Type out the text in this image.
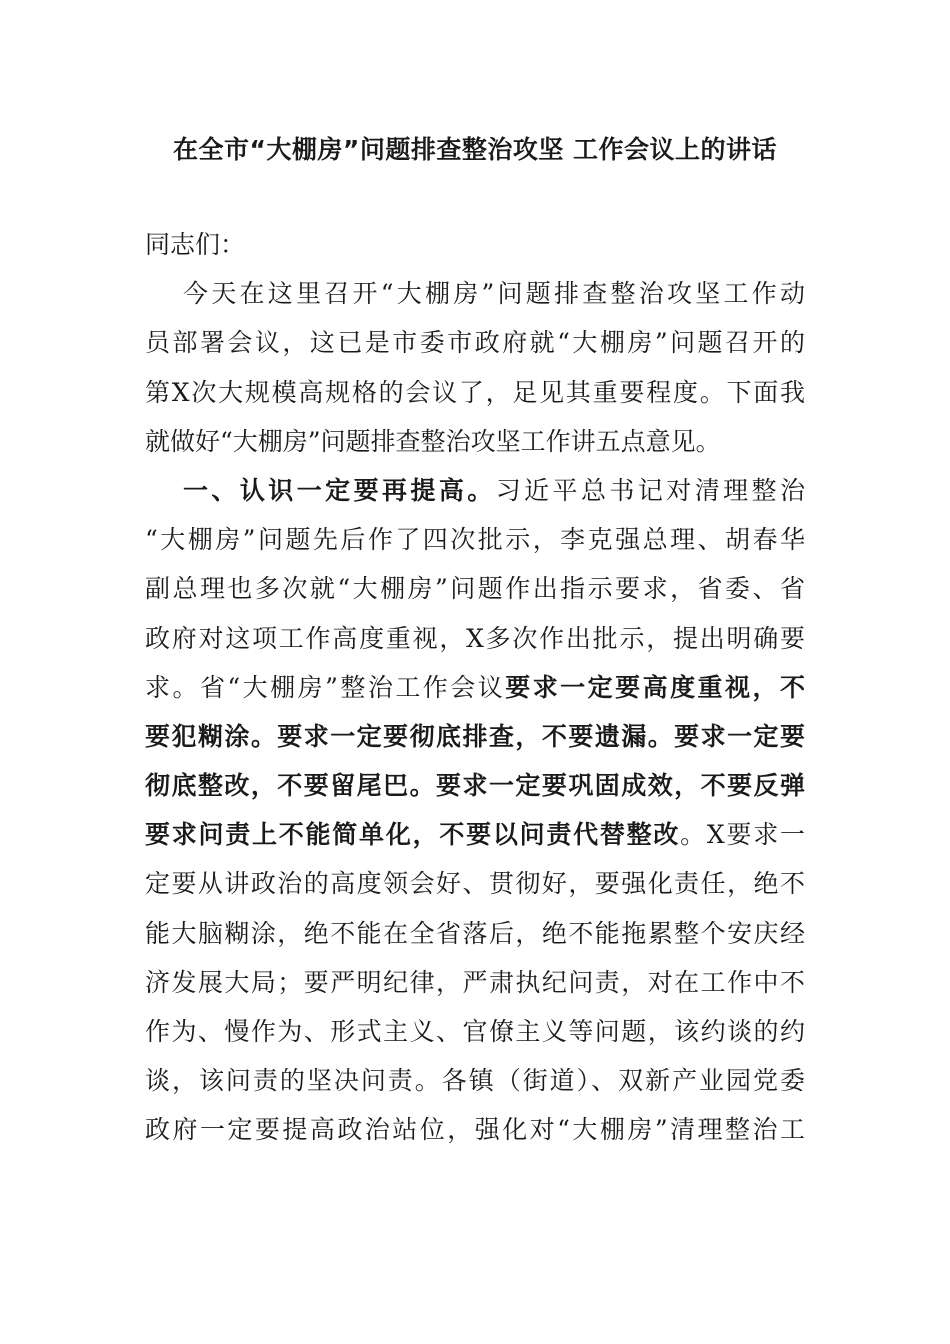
在全市“大棚房”问题排查整治攻坚 工作会议上的讲话
同志们：
今天在这里召开“大棚房”问题排查整治攻坚工作动
员部署会议，这已是市委市政府就“大棚房”问题召开的
第X次大规模高规格的会议了，足见其重要程度。下面我
就做好“大棚房”问题排查整治攻坚工作讲五点意见。
一、认识一定要再提高。习近平总书记对清理整治
“大棚房”问题先后作了四次批示，李克强总理、胡春华
副总理也多次就“大棚房”问题作出指示要求，省委、省
政府对这项工作高度重视，X多次作出批示，提出明确要
求。省“大棚房”整治工作会议要求一定要高度重视，不
要犯糊涂。要求一定要彻底排查，不要遗漏。要求一定要
彻底整改，不要留尾巴。要求一定要巩固成效，不要反弹
要求问责上不能简单化，不要以问责代替整改。X要求一
定要从讲政治的高度领会好、贯彻好，要强化责任，绝不
能大脑糊涂，绝不能在全省落后，绝不能拖累整个安庆经
济发展大局；要严明纪律，严肃执纪问责，对在工作中不
作为、慢作为、形式主义、官僚主义等问题，该约谈的约
谈，该问责的坚决问责。各镇（街道）、双新产业园党委
政府一定要提高政治站位，强化对“大棚房”清理整治工
